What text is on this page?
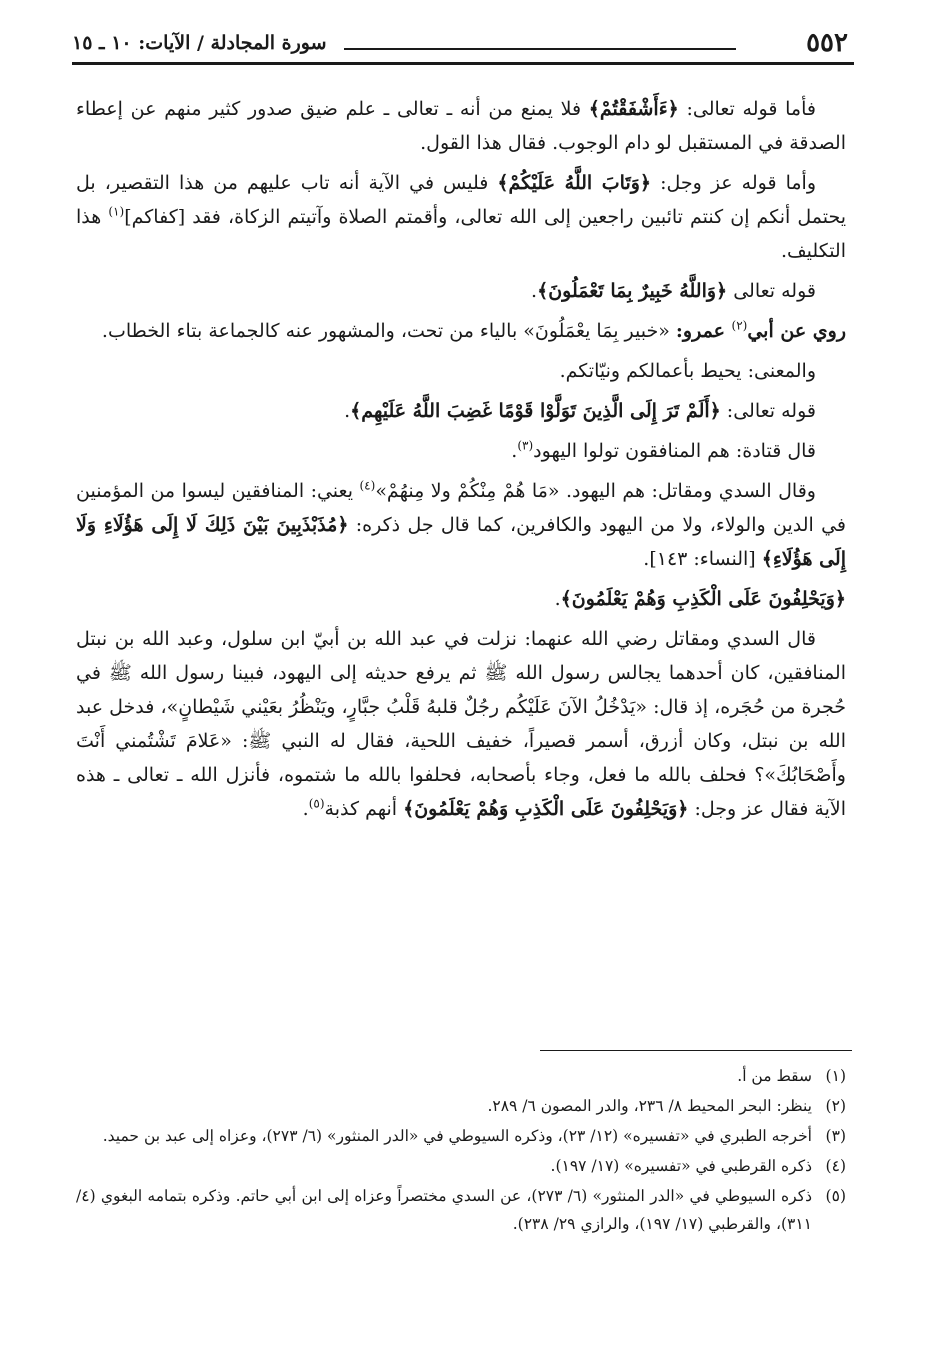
٥٥٢
سورة المجادلة / الآيات: ١٠ ـ ١٥

فأما قوله تعالى: ﴿ءَأَشْفَقْتُمْ﴾ فلا يمنع من أنه ـ تعالى ـ علم ضيق صدور كثير منهم عن إعطاء الصدقة في المستقبل لو دام الوجوب. فقال هذا القول.

وأما قوله عز وجل: ﴿وَتَابَ اللَّهُ عَلَيْكُمْ﴾ فليس في الآية أنه تاب عليهم من هذا التقصير، بل يحتمل أنكم إن كنتم تائبين راجعين إلى الله تعالى، وأقمتم الصلاة وآتيتم الزكاة، فقد [كفاكم]$^{(١)}$ هذا التكليف.

قوله تعالى ﴿وَاللَّهُ خَبِيرٌ بِمَا تَعْمَلُونَ﴾.

روي عن أبي$^{(٢)}$ عمرو: «خبير بِمَا يعْمَلُونَ» بالياء من تحت، والمشهور عنه كالجماعة بتاء الخطاب.

والمعنى: يحيط بأعمالكم ونيّاتكم.

قوله تعالى: ﴿أَلَمْ تَرَ إِلَى الَّذِينَ تَوَلَّوْا قَوْمًا غَضِبَ اللَّهُ عَلَيْهِم﴾.

قال قتادة: هم المنافقون تولوا اليهود$^{(٣)}$.

وقال السدي ومقاتل: هم اليهود. «مَا هُمْ مِنْكُمْ ولا مِنهُمْ»$^{(٤)}$ يعني: المنافقين ليسوا من المؤمنين في الدين والولاء، ولا من اليهود والكافرين، كما قال جل ذكره: ﴿مُذَبْذَبِينَ بَيْنَ ذَلِكَ لَا إِلَى هَؤُلَاءِ وَلَا إِلَى هَؤُلَاءِ﴾ [النساء: ١٤٣].

﴿وَيَحْلِفُونَ عَلَى الْكَذِبِ وَهُمْ يَعْلَمُونَ﴾.

قال السدي ومقاتل رضي الله عنهما: نزلت في عبد الله بن أبيّ ابن سلول، وعبد الله بن نبتل المنافقين، كان أحدهما يجالس رسول الله ﷺ ثم يرفع حديثه إلى اليهود، فبينا رسول الله ﷺ في حُجرة من حُجَره، إذ قال: «يَدْخُلُ الآنَ عَلَيْكُم رجُلٌ قلبهُ قَلْبُ جبَّارٍ، ويَنْظُرُ بعَيْني شَيْطانٍ»، فدخل عبد الله بن نبتل، وكان أزرق، أسمر قصيراً، خفيف اللحية، فقال له النبي ﷺ: «عَلامَ تَشْتُمني أَنْتَ وأَصْحَابُكَ»؟ فحلف بالله ما فعل، وجاء بأصحابه، فحلفوا بالله ما شتموه، فأنزل الله ـ تعالى ـ هذه الآية فقال عز وجل: ﴿وَيَحْلِفُونَ عَلَى الْكَذِبِ وَهُمْ يَعْلَمُونَ﴾ أنهم كذبة$^{(٥)}$.

(١)
سقط من أ.
(٢)
ينظر: البحر المحيط ٨/ ٢٣٦، والدر المصون ٦/ ٢٨٩.
(٣)
أخرجه الطبري في «تفسيره» (١٢/ ٢٣)، وذكره السيوطي في «الدر المنثور» (٦/ ٢٧٣)، وعزاه إلى عبد بن حميد.
(٤)
ذكره القرطبي في «تفسيره» (١٧/ ١٩٧).
(٥)
ذكره السيوطي في «الدر المنثور» (٦/ ٢٧٣)، عن السدي مختصراً وعزاه إلى ابن أبي حاتم. وذكره بتمامه البغوي (٤/ ٣١١)، والقرطبي (١٧/ ١٩٧)، والرازي ٢٩/ ٢٣٨).
